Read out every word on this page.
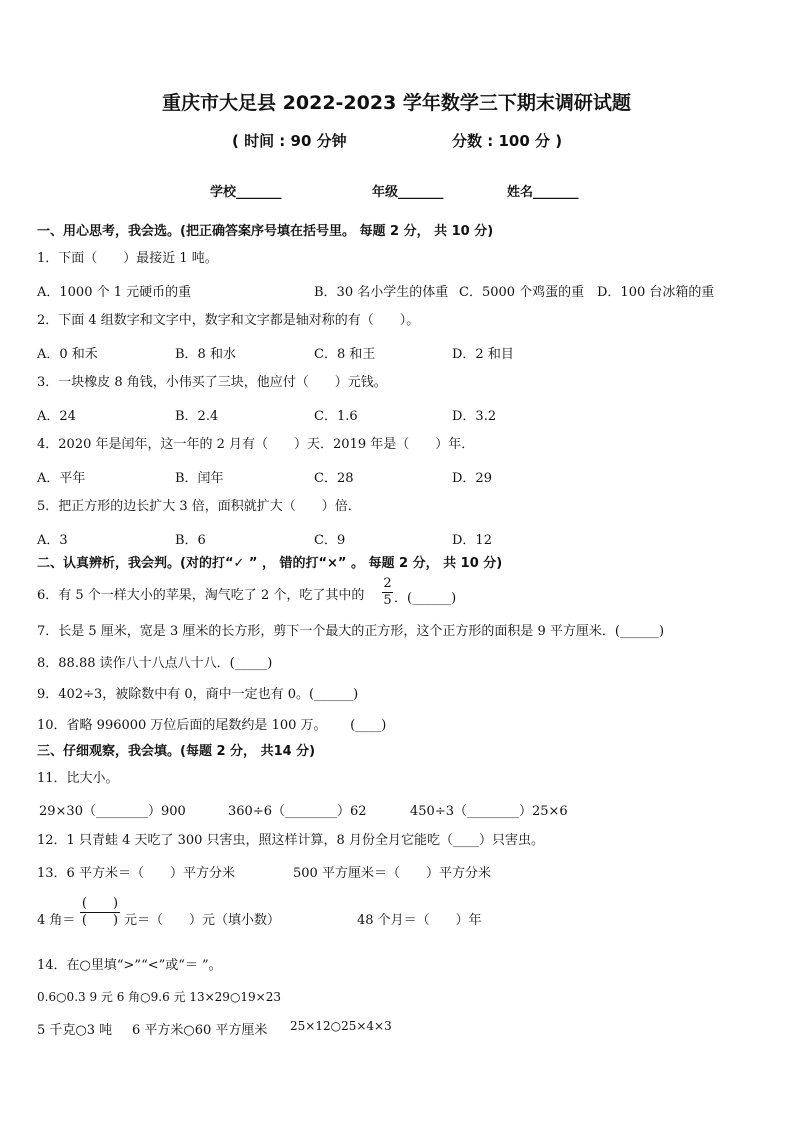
重庆市大足县 2022-2023 学年数学三下期末调研试题
( 时间 : 90 分钟	分数 : 100 分 )
学校_______	年级_______	姓名_______
一、用心思考，我会选。(把正确答案序号填在括号里。 每题 2 分， 共 10 分)
1．下面（　　）最接近 1 吨。
A．1000 个 1 元硬币的重	B．30 名小学生的体重 C．5000 个鸡蛋的重 D．100 台冰箱的重
2．下面 4 组数字和文字中，数字和文字都是轴对称的有（　　）。
A．0 和禾	B．8 和水	C．8 和王	D．2 和目
3．一块橡皮 8 角钱，小伟买了三块，他应付（　　）元钱。
A．24	B．2.4	C．1.6	D．3.2
4．2020 年是闰年，这一年的 2 月有（　　）天．2019 年是（　　）年．
A．平年	B．闰年	C．28	D．29
5．把正方形的边长扩大 3 倍，面积就扩大（　　）倍．
A．3	B．6	C．9	D．12
二、认真辨析，我会判。(对的打“✓ ” ， 错的打“×” 。 每题 2 分， 共 10 分)
6．有 5 个一样大小的苹果，淘气吃了 2 个，吃了其中的
2
5 ．(______)
7．长是 5 厘米，宽是 3 厘米的长方形，剪下一个最大的正方形，这个正方形的面积是 9 平方厘米．(______)
8．88.88 读作八十八点八十八．(_____)
9．402÷3，被除数中有 0，商中一定也有 0。(______)
10．省略 996000 万位后面的尾数约是 100 万。　　 (____)
三、仔细观察，我会填。(每题 2 分， 共14 分)
11．比大小。
29×30（________）900	360÷6（________）62	450÷3（________）25×6
12．1 只青蛙 4 天吃了 300 只害虫，照这样计算，8 月份全月它能吃（____）只害虫。
13．6 平方米＝（　　）平方分米	500 平方厘米＝（　　）平方分米
4 角＝
(　　)
(　　) 元＝（　　）元（填小数）	48 个月＝（　　）年
14．在○里填“>”“<”或“＝ ”。
0.6○0.3 9 元 6 角○9.6 元 13×29○19×23
5 千克○3 吨 6 平方米○60 平方厘米 25×12○25×4×3
